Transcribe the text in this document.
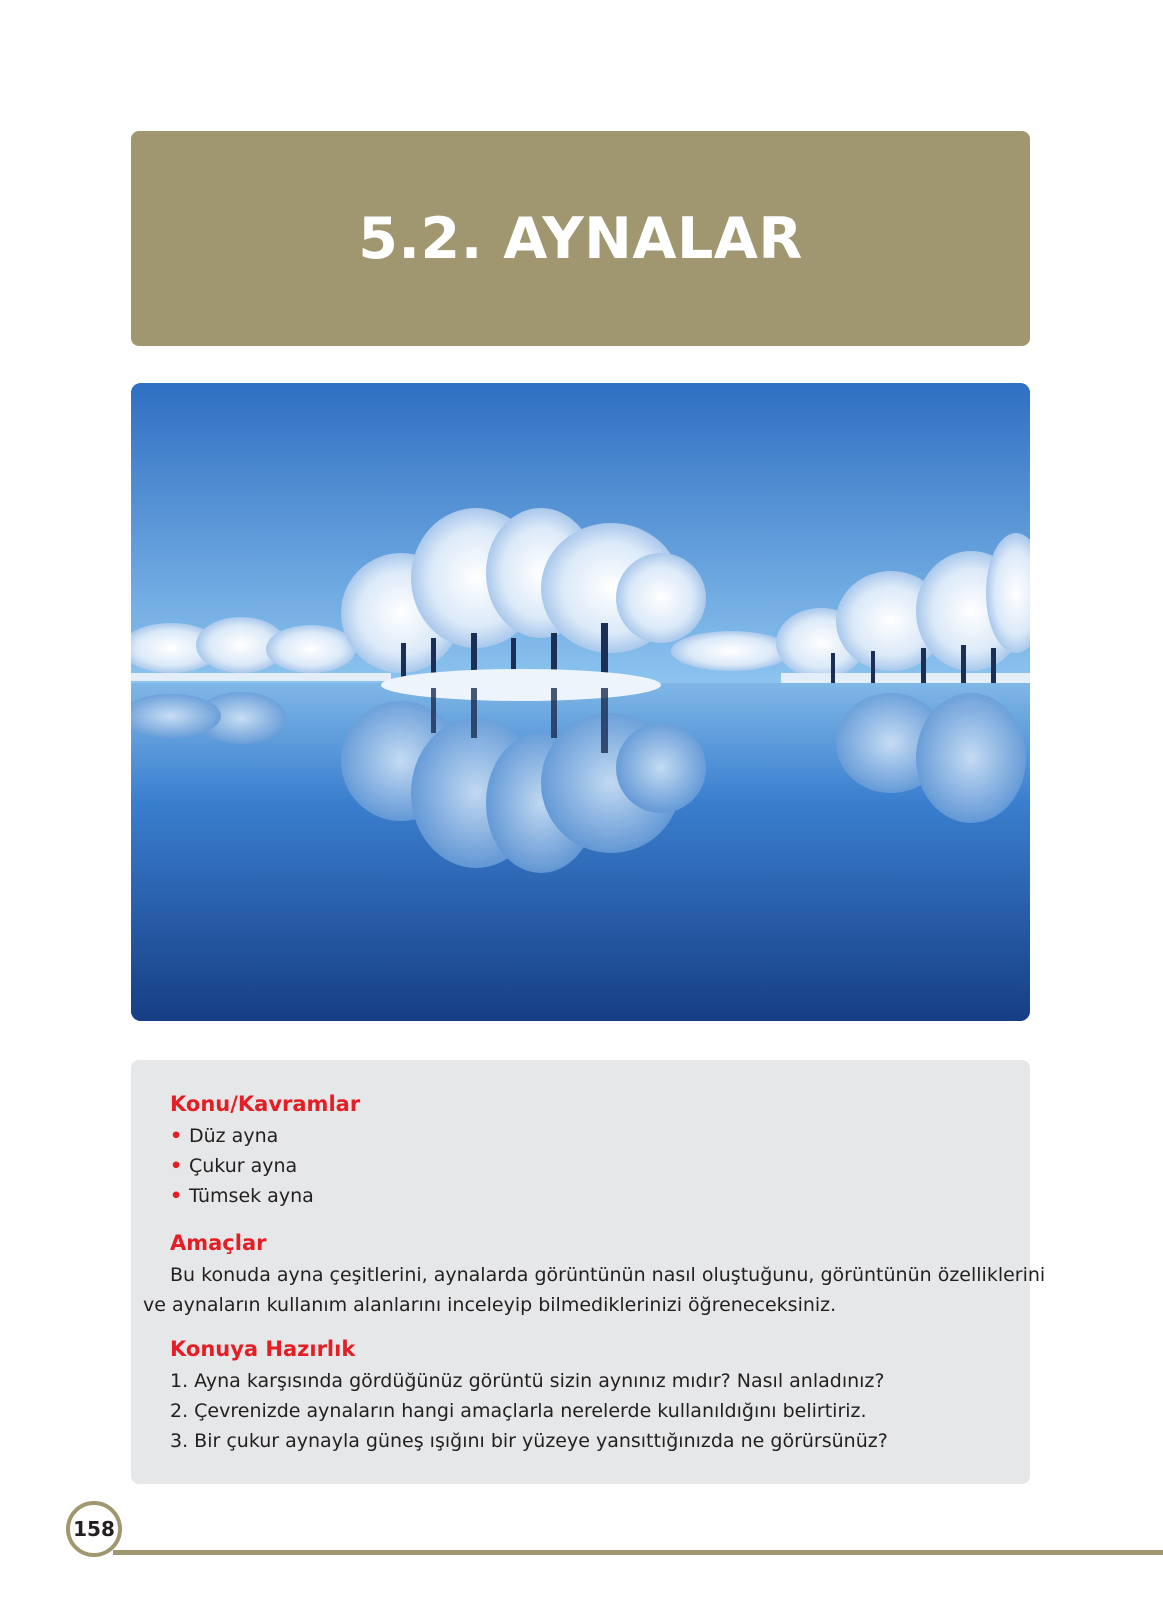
5.2. AYNALAR
Konu/Kavramlar
• Düz ayna
• Çukur ayna
• Tümsek ayna
Amaçlar
Bu konuda ayna çeşitlerini, aynalarda görüntünün nasıl oluştuğunu, görüntünün özelliklerini
ve aynaların kullanım alanlarını inceleyip bilmediklerinizi öğreneceksiniz.
Konuya Hazırlık
1. Ayna karşısında gördüğünüz görüntü sizin aynınız mıdır? Nasıl anladınız?
2. Çevrenizde aynaların hangi amaçlarla nerelerde kullanıldığını belirtiriz.
3. Bir çukur aynayla güneş ışığını bir yüzeye yansıttığınızda ne görürsünüz?
158
